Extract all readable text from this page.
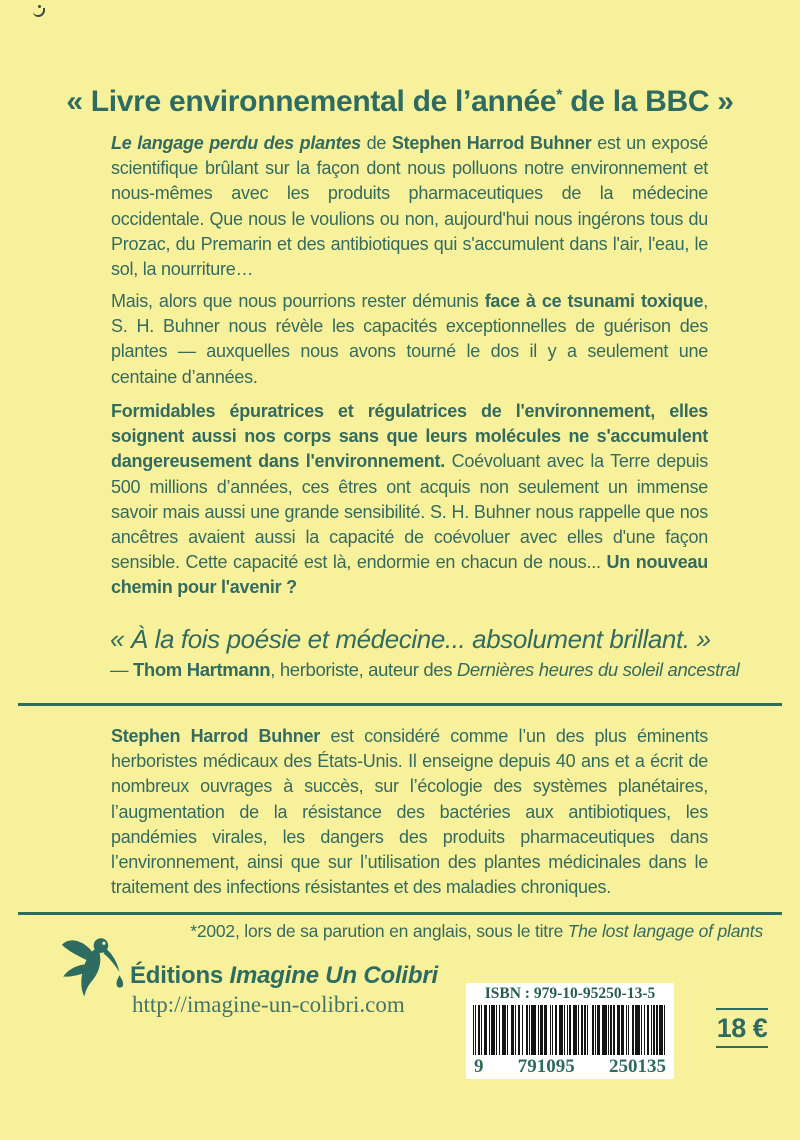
« Livre environnemental de l’année* de la BBC »

Le langage perdu des plantes de Stephen Harrod Buhner est un exposé scientifique brûlant sur la façon dont nous polluons notre environnement et nous-mêmes avec les produits pharmaceutiques de la médecine occidentale. Que nous le voulions ou non, aujourd'hui nous ingérons tous du Prozac, du Premarin et des antibiotiques qui s'accumulent dans l'air, l'eau, le sol, la nourriture…

Mais, alors que nous pourrions rester démunis face à ce tsunami toxique, S. H. Buhner nous révèle les capacités exceptionnelles de guérison des plantes — auxquelles nous avons tourné le dos il y a seulement une centaine d’années.

Formidables épuratrices et régulatrices de l'environnement, elles soignent aussi nos corps sans que leurs molécules ne s'accumulent dangereusement dans l'environnement. Coévoluant avec la Terre depuis 500 millions d’années, ces êtres ont acquis non seulement un immense savoir mais aussi une grande sensibilité. S. H. Buhner nous rappelle que nos ancêtres avaient aussi la capacité de coévoluer avec elles d'une façon sensible. Cette capacité est là, endormie en chacun de nous... Un nouveau chemin pour l'avenir ?

« À la fois poésie et médecine... absolument brillant. »
— Thom Hartmann, herboriste, auteur des Dernières heures du soleil ancestral

Stephen Harrod Buhner est considéré comme l’un des plus éminents herboristes médicaux des États-Unis. Il enseigne depuis 40 ans et a écrit de nombreux ouvrages à succès, sur l’écologie des systèmes planétaires, l’augmentation de la résistance des bactéries aux antibiotiques, les pandémies virales, les dangers des produits pharmaceutiques dans l’environnement, ainsi que sur l’utilisation des plantes médicinales dans le traitement des infections résistantes et des maladies chroniques.

*2002, lors de sa parution en anglais, sous le titre The lost langage of plants
Éditions Imagine Un Colibri
http://imagine-un-colibri.com	ISBN : 979-10-95250-13-5
9 791095 250135
18 €
